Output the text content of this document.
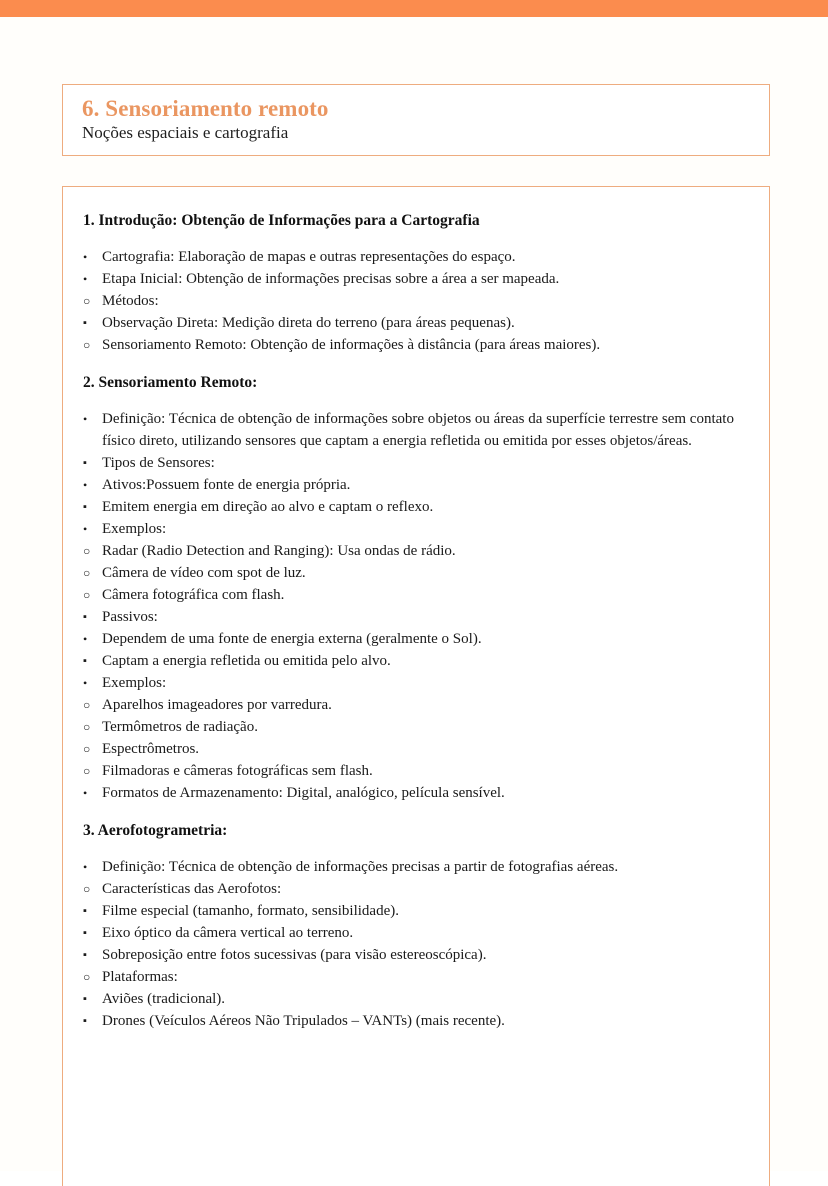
6. Sensoriamento remoto
Noções espaciais e cartografia
1. Introdução: Obtenção de Informações para a Cartografia
• Cartografia: Elaboração de mapas e outras representações do espaço.
• Etapa Inicial: Obtenção de informações precisas sobre a área a ser mapeada.
○ Métodos:
▪	Observação Direta: Medição direta do terreno (para áreas pequenas).
○ Sensoriamento Remoto: Obtenção de informações à distância (para áreas maiores).
2. Sensoriamento Remoto:
• Definição: Técnica de obtenção de informações sobre objetos ou áreas da superfície terrestre sem contato físico direto, utilizando sensores que captam a energia refletida ou emitida por esses objetos/áreas.
▪	Tipos de Sensores:
• Ativos:Possuem fonte de energia própria.
▪	Emitem energia em direção ao alvo e captam o reflexo.
• Exemplos:
○ Radar (Radio Detection and Ranging): Usa ondas de rádio.
○ Câmera de vídeo com spot de luz.
○ Câmera fotográfica com flash.
▪	Passivos:
• Dependem de uma fonte de energia externa (geralmente o Sol).
▪	Captam a energia refletida ou emitida pelo alvo.
• Exemplos:
○ Aparelhos imageadores por varredura.
○ Termômetros de radiação.
○ Espectrômetros.
○ Filmadoras e câmeras fotográficas sem flash.
• Formatos de Armazenamento: Digital, analógico, película sensível.
3. Aerofotogrametria:
• Definição: Técnica de obtenção de informações precisas a partir de fotografias aéreas.
○ Características das Aerofotos:
▪	Filme especial (tamanho, formato, sensibilidade).
▪	Eixo óptico da câmera vertical ao terreno.
▪	Sobreposição entre fotos sucessivas (para visão estereoscópica).
○ Plataformas:
▪	Aviões (tradicional).
▪	Drones (Veículos Aéreos Não Tripulados – VANTs) (mais recente).
